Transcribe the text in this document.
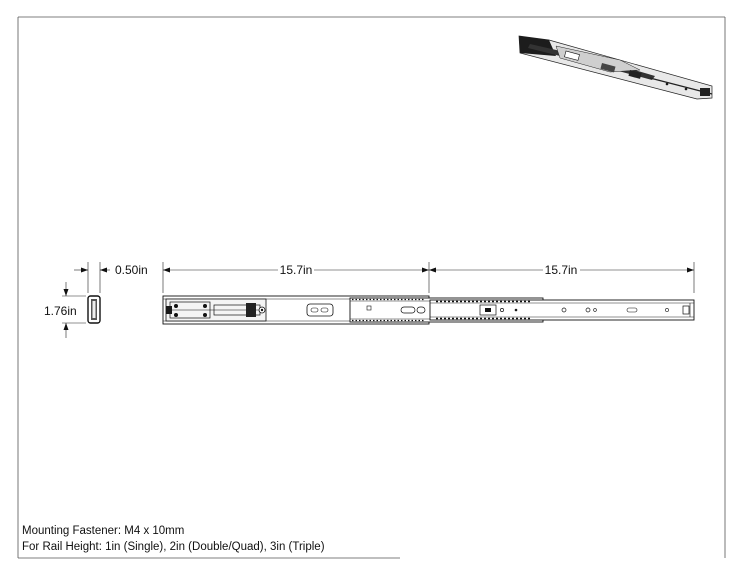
1.76in
0.50in	15.7in	15.7in
Mounting Fastener: M4 x 10mm
For Rail Height: 1in (Single), 2in (Double/Quad), 3in (Triple)
